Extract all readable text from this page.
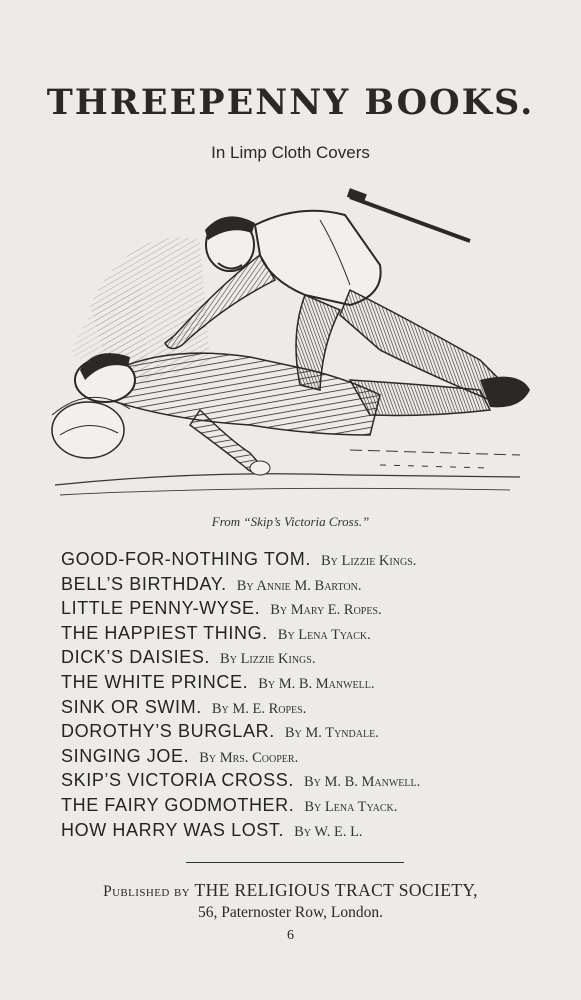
THREEPENNY BOOKS.
In Limp Cloth Covers
From “Skip’s Victoria Cross.”
GOOD-FOR-NOTHING TOM. By Lizzie Kings.
BELL’S BIRTHDAY. By Annie M. Barton.
LITTLE PENNY-WYSE. By Mary E. Ropes.
THE HAPPIEST THING. By Lena Tyack.
DICK’S DAISIES. By Lizzie Kings.
THE WHITE PRINCE. By M. B. Manwell.
SINK OR SWIM. By M. E. Ropes.
DOROTHY’S BURGLAR. By M. Tyndale.
SINGING JOE. By Mrs. Cooper.
SKIP’S VICTORIA CROSS. By M. B. Manwell.
THE FAIRY GODMOTHER. By Lena Tyack.
HOW HARRY WAS LOST. By W. E. L.
Published by THE RELIGIOUS TRACT SOCIETY,
56, Paternoster Row, London.
6
